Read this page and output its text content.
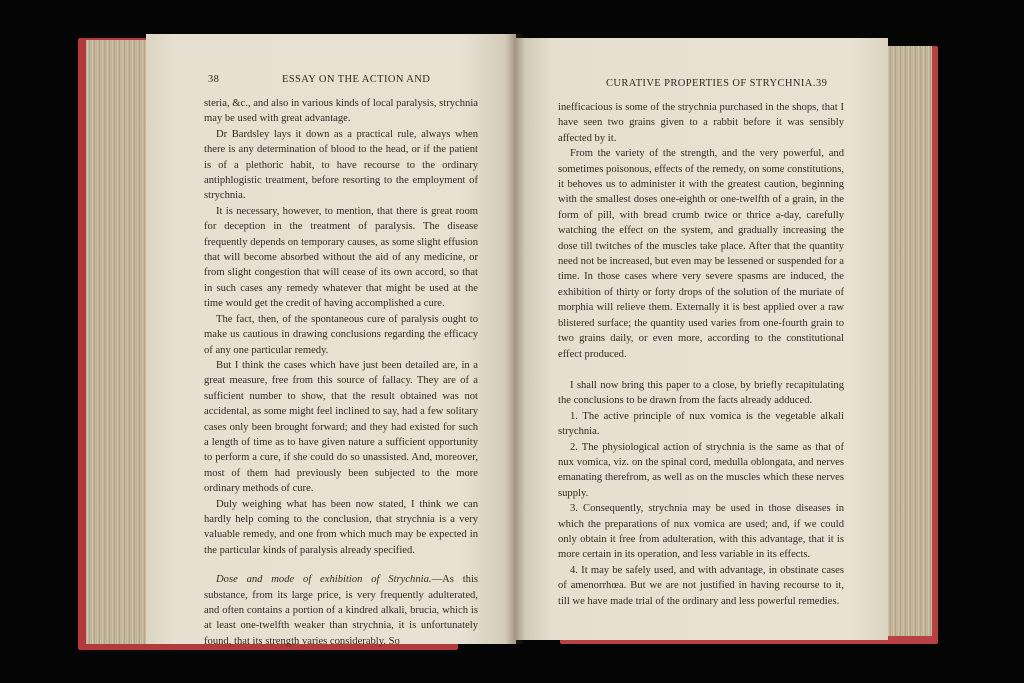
38	ESSAY ON THE ACTION AND

steria, &c., and also in various kinds of local paralysis, strychnia may be used with great advantage.

Dr Bardsley lays it down as a practical rule, always when there is any determination of blood to the head, or if the patient is of a plethoric habit, to have recourse to the ordinary antiphlogistic treatment, before resorting to the employment of strychnia.

It is necessary, however, to mention, that there is great room for deception in the treatment of paralysis. The disease frequently depends on temporary causes, as some slight effusion that will become absorbed without the aid of any medicine, or from slight congestion that will cease of its own accord, so that in such cases any remedy whatever that might be used at the time would get the credit of having accomplished a cure.

The fact, then, of the spontaneous cure of paralysis ought to make us cautious in drawing conclusions regarding the efficacy of any one particular remedy.

But I think the cases which have just been detailed are, in a great measure, free from this source of fallacy. They are of a sufficient number to show, that the result obtained was not accidental, as some might feel inclined to say, had a few solitary cases only been brought forward; and they had existed for such a length of time as to have given nature a sufficient opportunity to perform a cure, if she could do so unassisted. And, moreover, most of them had previously been subjected to the more ordinary methods of cure.

Duly weighing what has been now stated, I think we can hardly help coming to the conclusion, that strychnia is a very valuable remedy, and one from which much may be expected in the particular kinds of paralysis already specified.

Dose and mode of exhibition of Strychnia.—As this substance, from its large price, is very frequently adulterated, and often contains a portion of a kindred alkali, brucia, which is at least one-twelfth weaker than strychnia, it is unfortunately found, that its strength varies considerably. So

CURATIVE PROPERTIES OF STRYCHNIA. 39

inefficacious is some of the strychnia purchased in the shops, that I have seen two grains given to a rabbit before it was sensibly affected by it.

From the variety of the strength, and the very powerful, and sometimes poisonous, effects of the remedy, on some constitutions, it behoves us to administer it with the greatest caution, beginning with the smallest doses one-eighth or one-twelfth of a grain, in the form of pill, with bread crumb twice or thrice a-day, carefully watching the effect on the system, and gradually increasing the dose till twitches of the muscles take place. After that the quantity need not be increased, but even may be lessened or suspended for a time. In those cases where very severe spasms are induced, the exhibition of thirty or forty drops of the solution of the muriate of morphia will relieve them. Externally it is best applied over a raw blistered surface; the quantity used varies from one-fourth grain to two grains daily, or even more, according to the constitutional effect produced.

I shall now bring this paper to a close, by briefly recapitulating the conclusions to be drawn from the facts already adduced.

1. The active principle of nux vomica is the vegetable alkali strychnia.

2. The physiological action of strychnia is the same as that of nux vomica, viz. on the spinal cord, medulla oblongata, and nerves emanating therefrom, as well as on the muscles which these nerves supply.

3. Consequently, strychnia may be used in those diseases in which the preparations of nux vomica are used; and, if we could only obtain it free from adulteration, with this advantage, that it is more certain in its operation, and less variable in its effects.

4. It may be safely used, and with advantage, in obstinate cases of amenorrhœa. But we are not justified in having recourse to it, till we have made trial of the ordinary and less powerful remedies.
